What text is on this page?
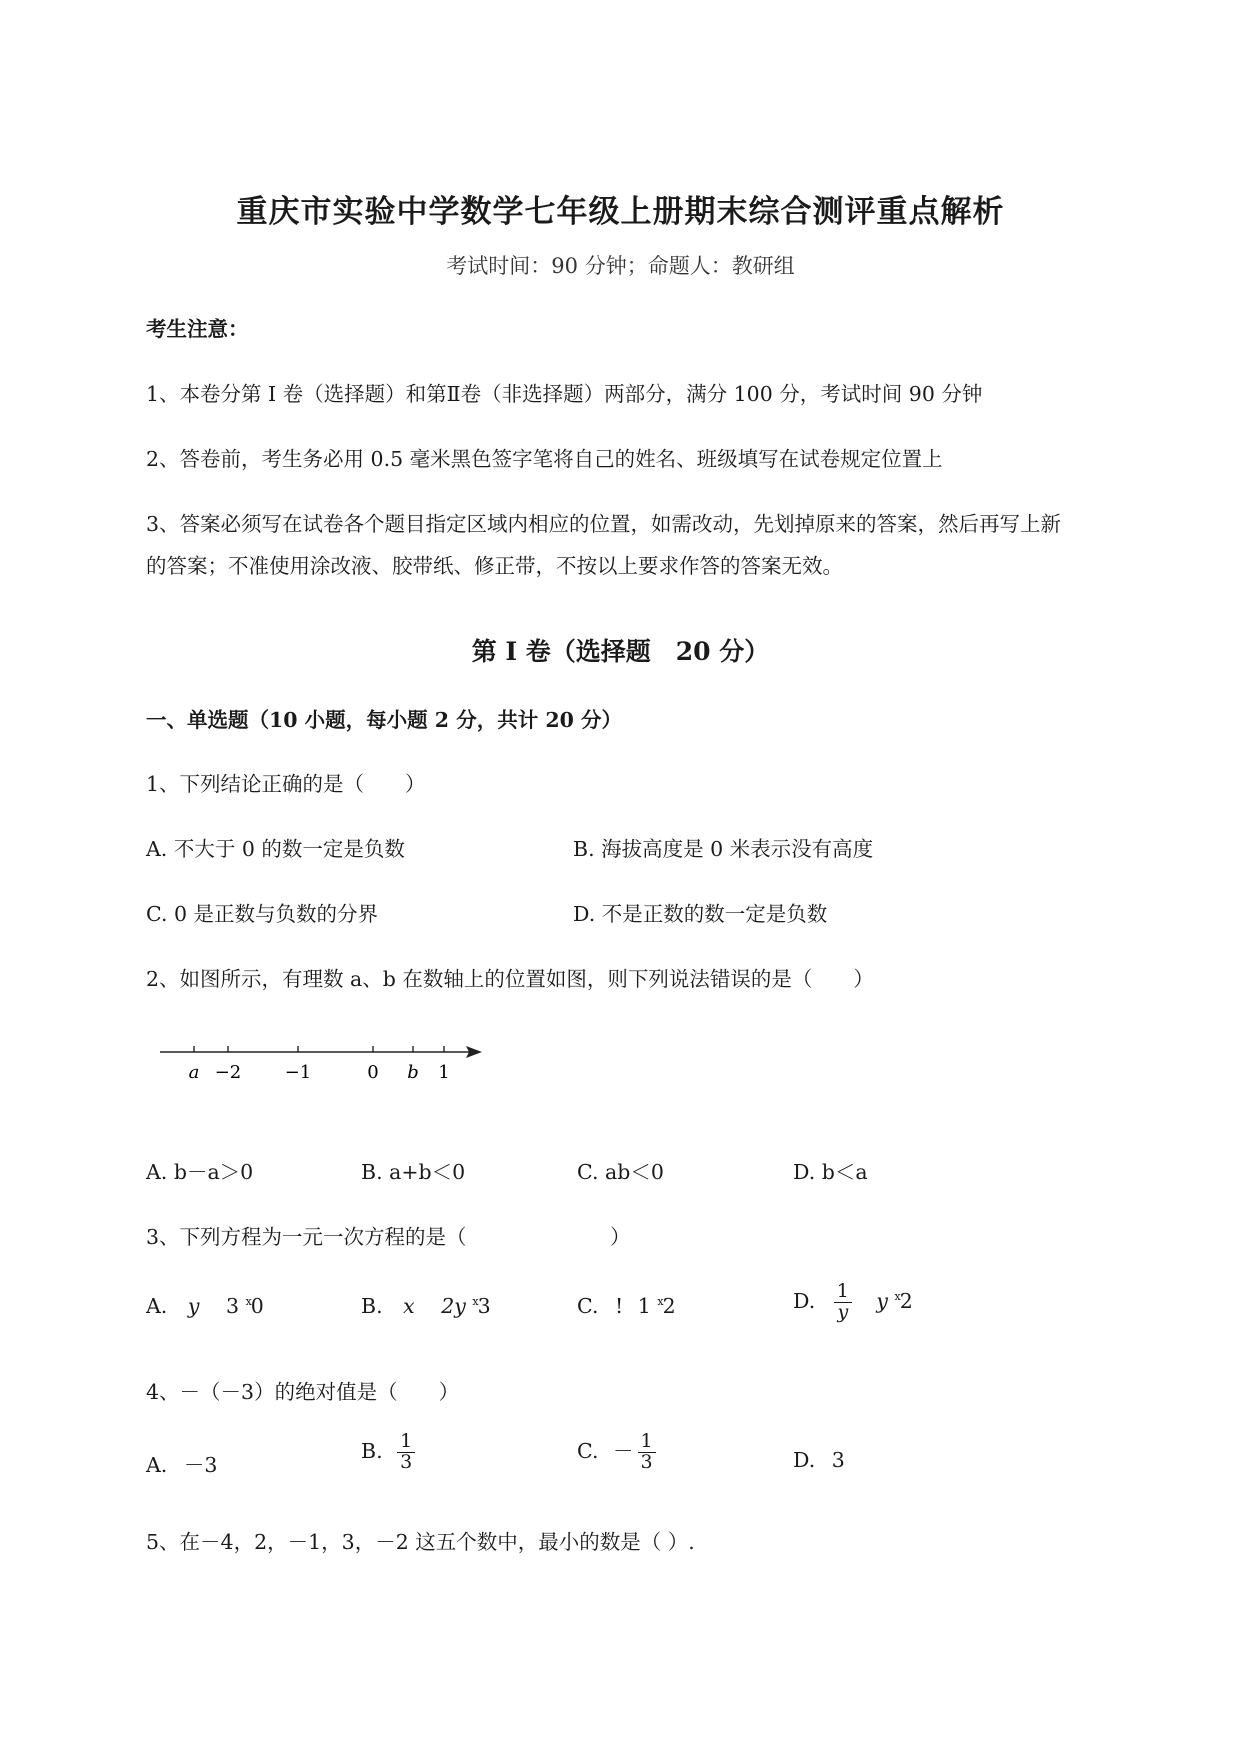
重庆市实验中学数学七年级上册期末综合测评重点解析
考试时间：90 分钟；命题人：教研组
考生注意：
1、本卷分第 I 卷（选择题）和第Ⅱ卷（非选择题）两部分，满分 100 分，考试时间 90 分钟
2、答卷前，考生务必用 0.5 毫米黑色签字笔将自己的姓名、班级填写在试卷规定位置上
3、答案必须写在试卷各个题目指定区域内相应的位置，如需改动，先划掉原来的答案，然后再写上新
的答案；不准使用涂改液、胶带纸、修正带，不按以上要求作答的答案无效。
第 I 卷（选择题　20 分）
一、单选题（10 小题，每小题 2 分，共计 20 分）
1、下列结论正确的是（　　）
A. 不大于 0 的数一定是负数	B. 海拔高度是 0 米表示没有高度
C. 0 是正数与负数的分界	D. 不是正数的数一定是负数
2、如图所示，有理数 a、b 在数轴上的位置如图，则下列说法错误的是（　　）
a −2 −1	0 b 1
A. b－a＞0	B. a+b＜0	C. ab＜0	D. b＜a
3、下列方程为一元一次方程的是（　　　　　　　）
A. y 3 $^x$0	B. x 2y $^x$3	C. ! 1 $^x$2	D. $\frac{1}{y}$ y $^x$2
4、－（－3）的绝对值是（　　）
A. －3
B. $\frac{1}{3}$	C. － $\frac{1}{3}$	D. 3
5、在－4，2，－1，3，－2 这五个数中，最小的数是（ ）.
